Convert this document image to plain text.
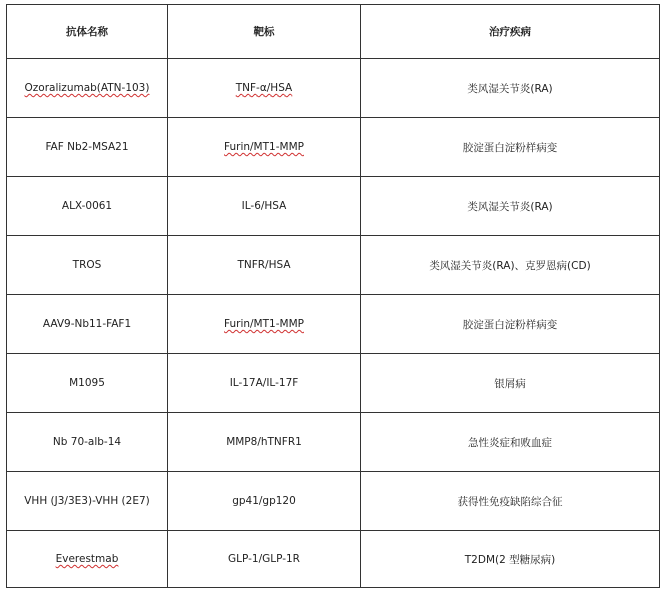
抗体名称	靶标	治疗疾病
Ozoralizumab(ATN-103)	TNF-α/HSA	类风湿关节炎(RA)
FAF Nb2-MSA21	Furin/MT1-MMP	胶淀蛋白淀粉样病变
ALX-0061	IL-6/HSA	类风湿关节炎(RA)
TROS	TNFR/HSA	类风湿关节炎(RA)、克罗恩病(CD)
AAV9-Nb11-FAF1	Furin/MT1-MMP	胶淀蛋白淀粉样病变
M1095	IL-17A/IL-17F	银屑病
Nb 70-alb-14	MMP8/hTNFR1	急性炎症和败血症
VHH (J3/3E3)-VHH (2E7)	gp41/gp120	获得性免疫缺陷综合征
Everestmab	GLP-1/GLP-1R	T2DM(2 型糖尿病)
